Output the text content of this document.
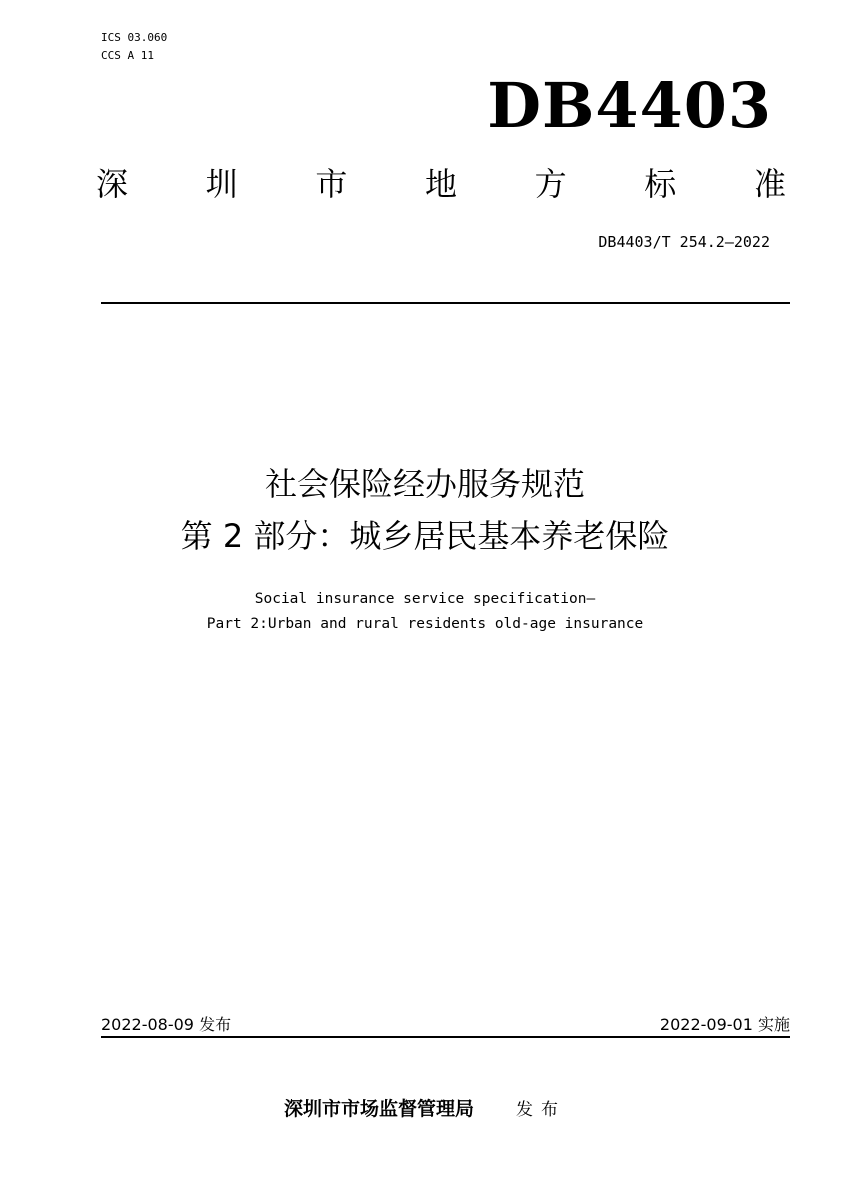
ICS 03.060
CCS A 11
DB4403
深 圳 市 地 方 标 准
DB4403/T 254.2—2022
社会保险经办服务规范
第 2 部分：城乡居民基本养老保险
Social insurance service specification—
Part 2:Urban and rural residents old-age insurance
2022-08-09 发布	2022-09-01 实施
深圳市市场监督管理局 发布
